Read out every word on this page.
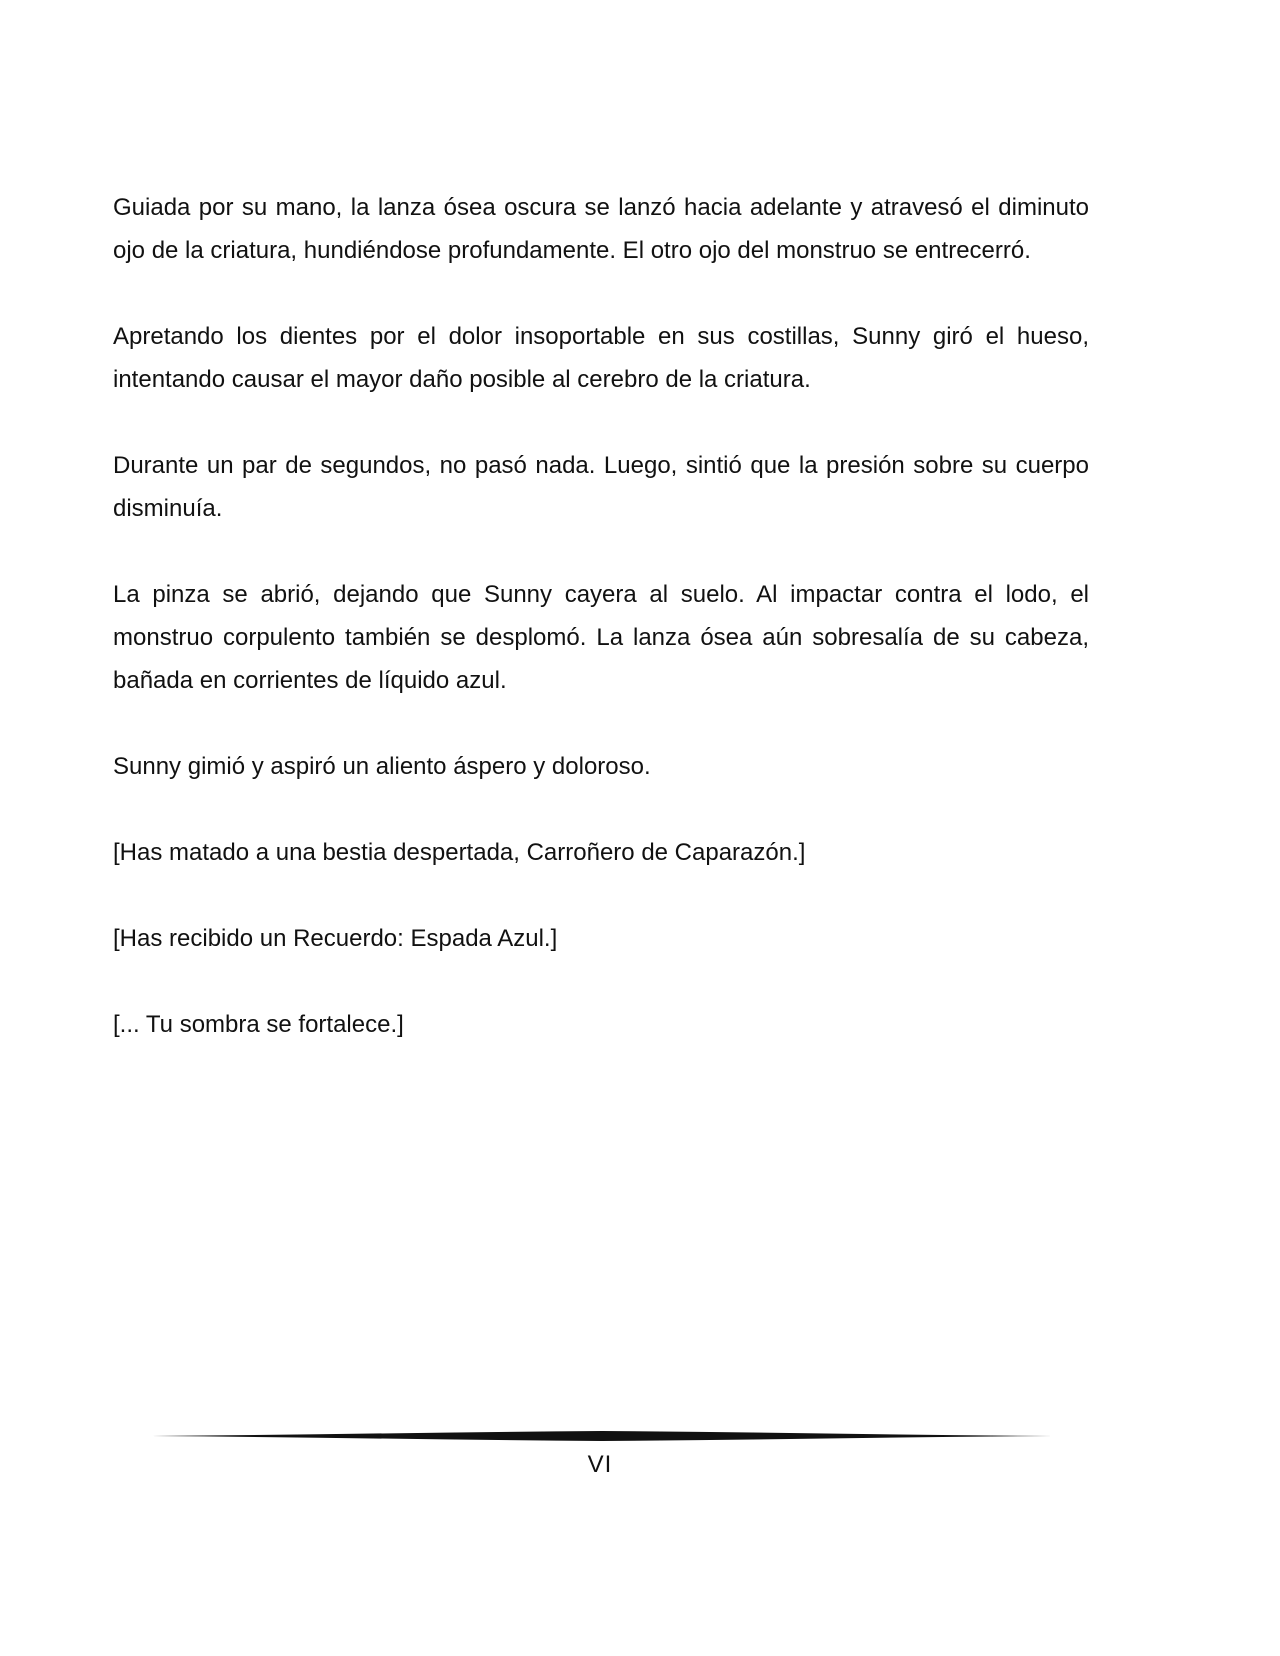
Guiada por su mano, la lanza ósea oscura se lanzó hacia adelante y atravesó el diminuto ojo de la criatura, hundiéndose profundamente. El otro ojo del monstruo se entrecerró.

Apretando los dientes por el dolor insoportable en sus costillas, Sunny giró el hueso, intentando causar el mayor daño posible al cerebro de la criatura.

Durante un par de segundos, no pasó nada. Luego, sintió que la presión sobre su cuerpo disminuía.

La pinza se abrió, dejando que Sunny cayera al suelo. Al impactar contra el lodo, el monstruo corpulento también se desplomó. La lanza ósea aún sobresalía de su cabeza, bañada en corrientes de líquido azul.

Sunny gimió y aspiró un aliento áspero y doloroso.

[Has matado a una bestia despertada, Carroñero de Caparazón.]

[Has recibido un Recuerdo: Espada Azul.]

[... Tu sombra se fortalece.]

VI
